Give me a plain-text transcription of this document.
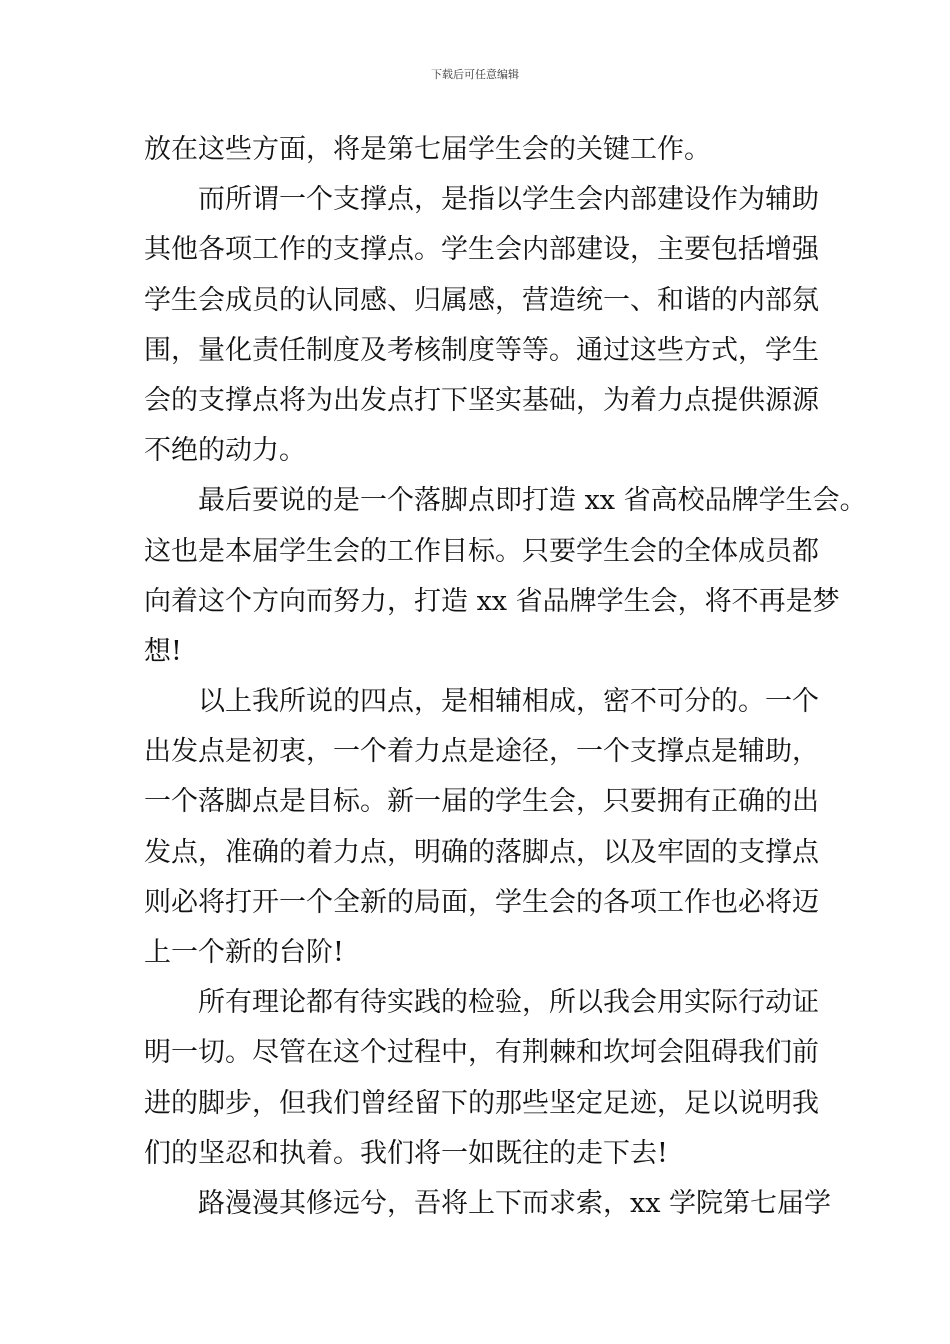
下载后可任意编辑
放在这些方面，将是第七届学生会的关键工作。
而所谓一个支撑点，是指以学生会内部建设作为辅助
其他各项工作的支撑点。学生会内部建设，主要包括增强
学生会成员的认同感、归属感，营造统一、和谐的内部氛
围，量化责任制度及考核制度等等。通过这些方式，学生
会的支撑点将为出发点打下坚实基础，为着力点提供源源
不绝的动力。
最后要说的是一个落脚点即打造 xx 省高校品牌学生会。
这也是本届学生会的工作目标。只要学生会的全体成员都
向着这个方向而努力，打造 xx 省品牌学生会，将不再是梦
想!
以上我所说的四点，是相辅相成，密不可分的。一个
出发点是初衷，一个着力点是途径，一个支撑点是辅助，
一个落脚点是目标。新一届的学生会，只要拥有正确的出
发点，准确的着力点，明确的落脚点，以及牢固的支撑点
则必将打开一个全新的局面，学生会的各项工作也必将迈
上一个新的台阶!
所有理论都有待实践的检验，所以我会用实际行动证
明一切。尽管在这个过程中，有荆棘和坎坷会阻碍我们前
进的脚步，但我们曾经留下的那些坚定足迹，足以说明我
们的坚忍和执着。我们将一如既往的走下去!
路漫漫其修远兮，吾将上下而求索，xx 学院第七届学
